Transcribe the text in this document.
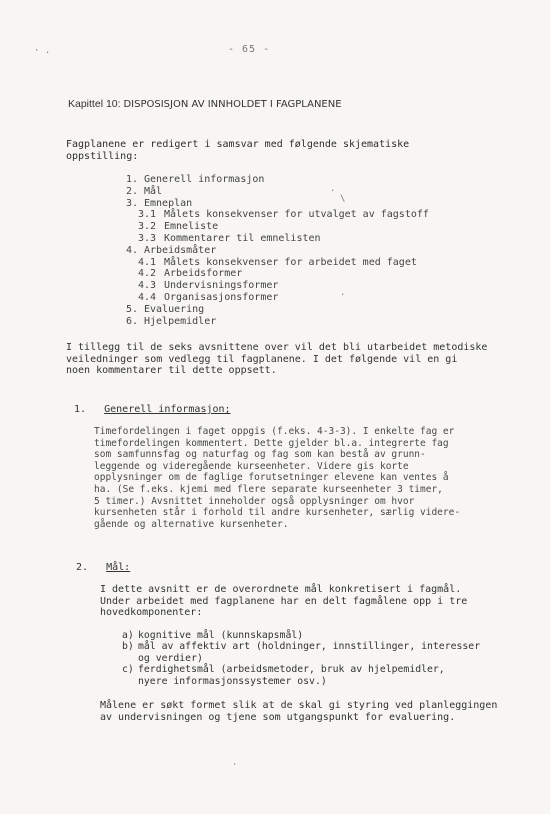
- 65 -
Kapittel 10: DISPOSISJON AV INNHOLDET I FAGPLANENE
Fagplanene er redigert i samsvar med følgende skjematiske oppstilling:
1. Generell informasjon
2. Mål
3. Emneplan
3.1 Målets konsekvenser for utvalget av fagstoff
3.2 Emneliste
3.3 Kommentarer til emnelisten
4. Arbeidsmåter
4.1 Målets konsekvenser for arbeidet med faget
4.2 Arbeidsformer
4.3 Undervisningsformer
4.4 Organisasjonsformer
5. Evaluering
6. Hjelpemidler
I tillegg til de seks avsnittene over vil det bli utarbeidet metodiske
veiledninger som vedlegg til fagplanene. I det følgende vil en gi
noen kommentarer til dette oppsett.
1. Generell informasjon;
Timefordelingen i faget oppgis (f.eks. 4-3-3). I enkelte fag er
timefordelingen kommentert. Dette gjelder bl.a. integrerte fag
som samfunnsfag og naturfag og fag som kan bestå av grunn-
leggende og videregående kurseenheter. Videre gis korte
opplysninger om de faglige forutsetninger elevene kan ventes å
ha. (Se f.eks. kjemi med flere separate kurseenheter 3 timer,
5 timer.) Avsnittet inneholder også opplysninger om hvor
kursenheten står i forhold til andre kursenheter, særlig videre-
gående og alternative kursenheter.
2. Mål:
I dette avsnitt er de overordnete mål konkretisert i fagmål.
Under arbeidet med fagplanene har en delt fagmålene opp i tre
hovedkomponenter:
a) kognitive mål (kunnskapsmål)
b) mål av affektiv art (holdninger, innstillinger, interesser
og verdier)
c) ferdighetsmål (arbeidsmetoder, bruk av hjelpemidler,
nyere informasjonssystemer osv.)
Målene er søkt formet slik at de skal gi styring ved planleggingen
av undervisningen og tjene som utgangspunkt for evaluering.
· .
.
\
.
·
